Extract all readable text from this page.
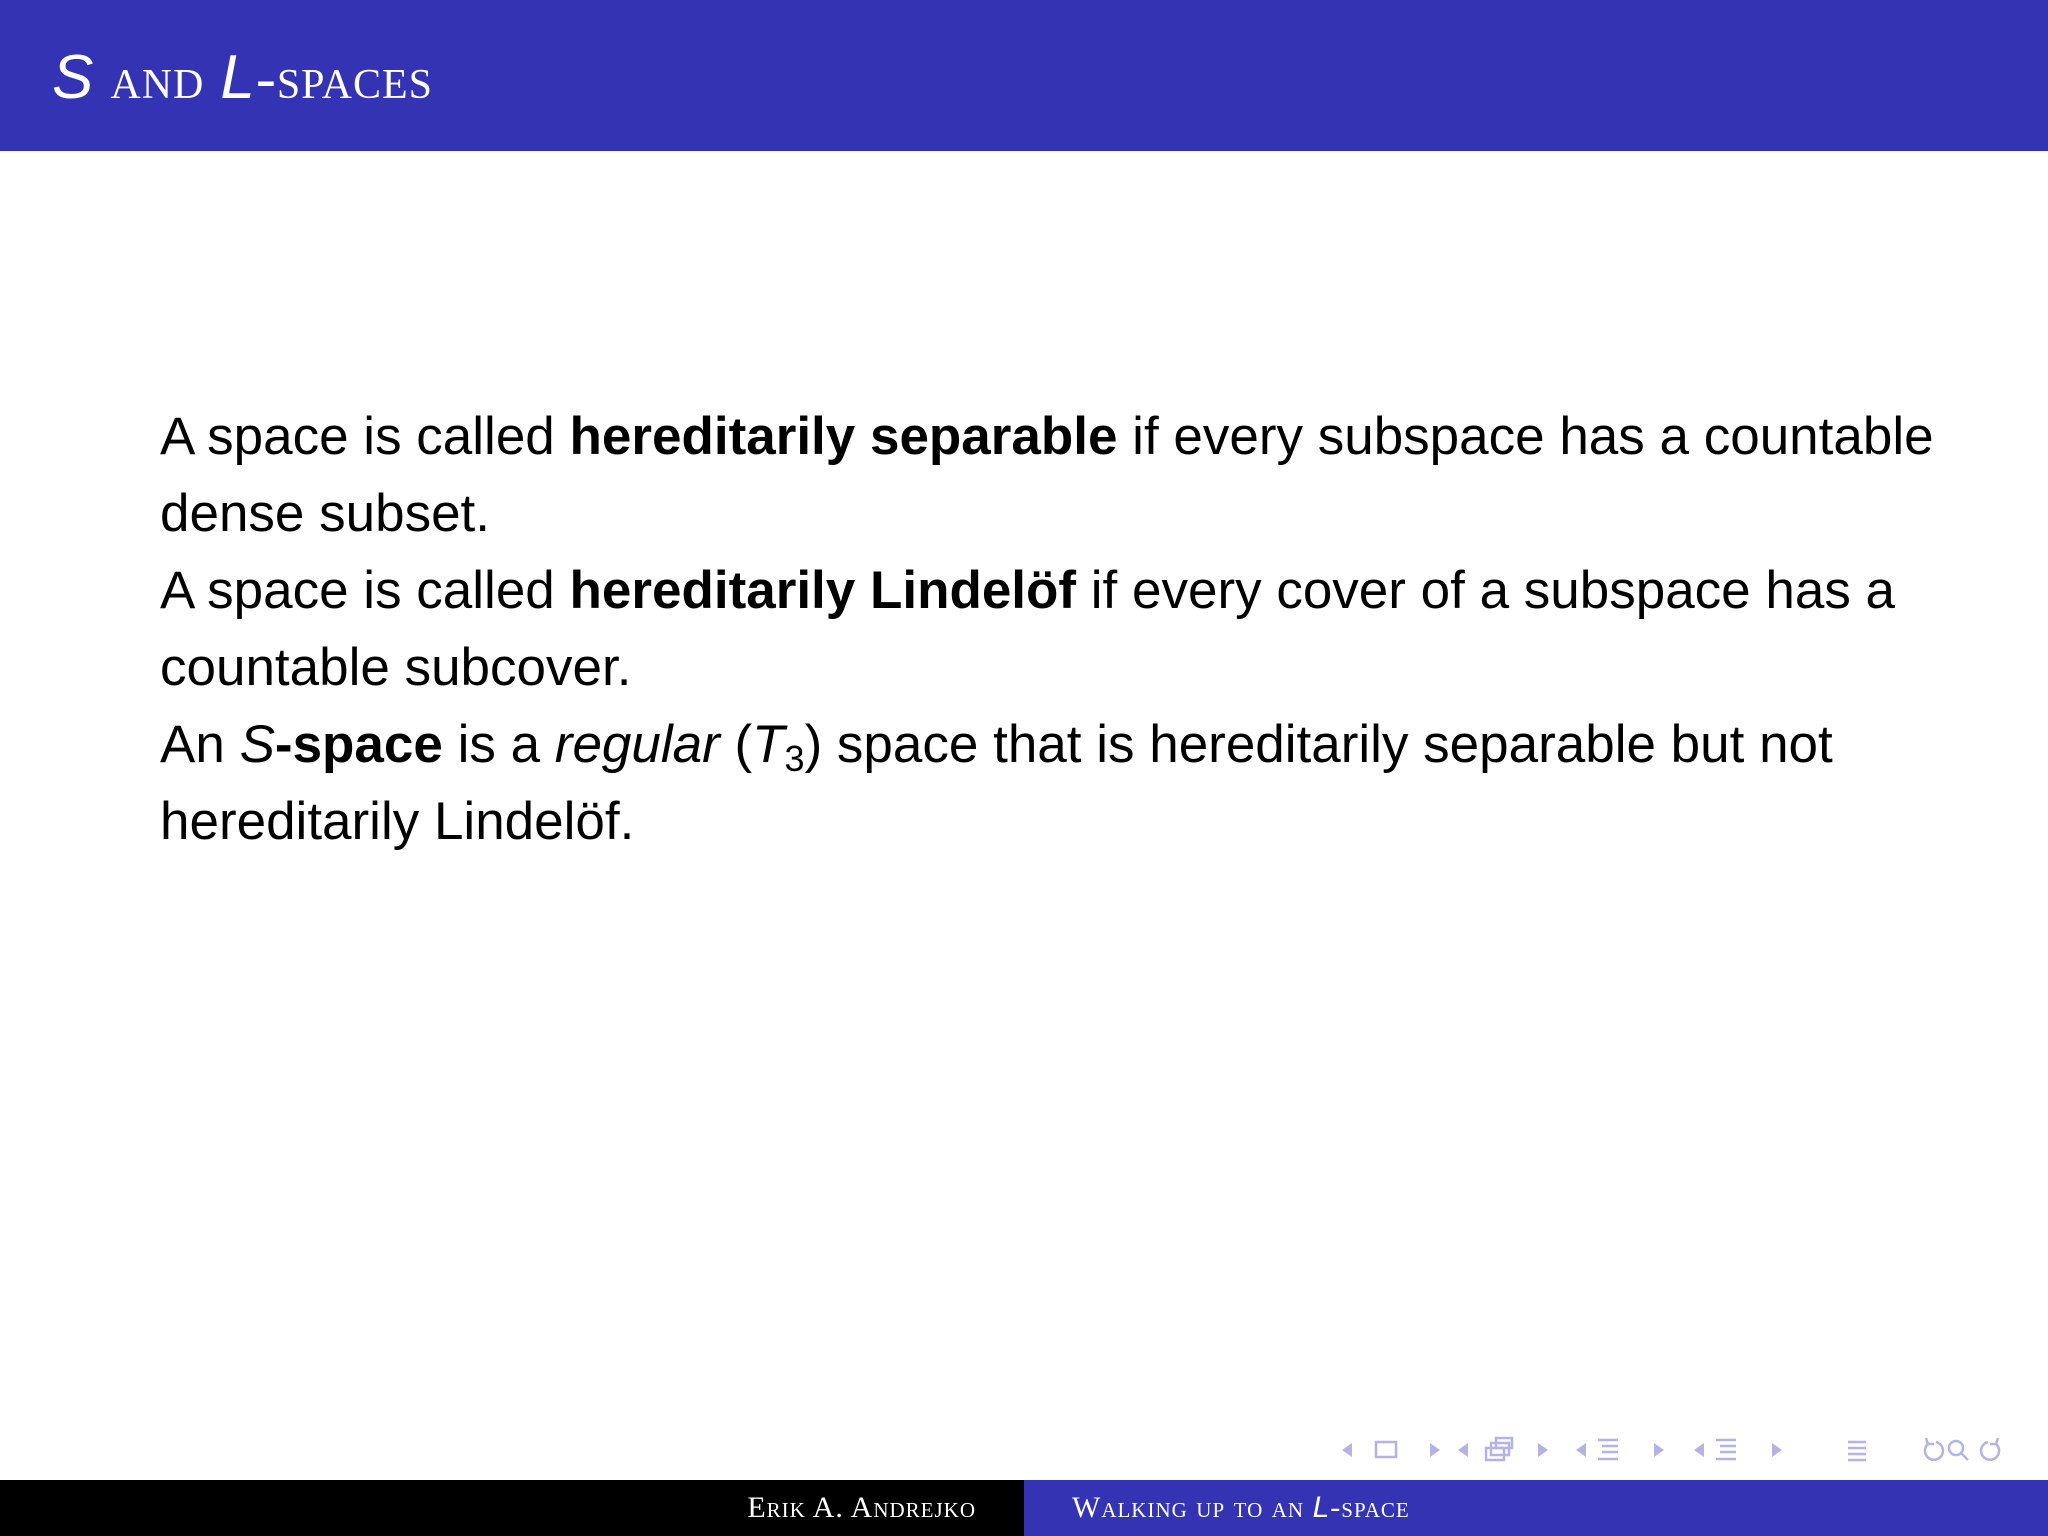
S and L-spaces

A space is called hereditarily separable if every subspace has a countable dense subset.

A space is called hereditarily Lindelöf if every cover of a subspace has a countable subcover.

An S-space is a regular $(T_3)$ space that is hereditarily separable but not hereditarily Lindelöf.

Erik A. Andrejko	Walking up to an L-space
